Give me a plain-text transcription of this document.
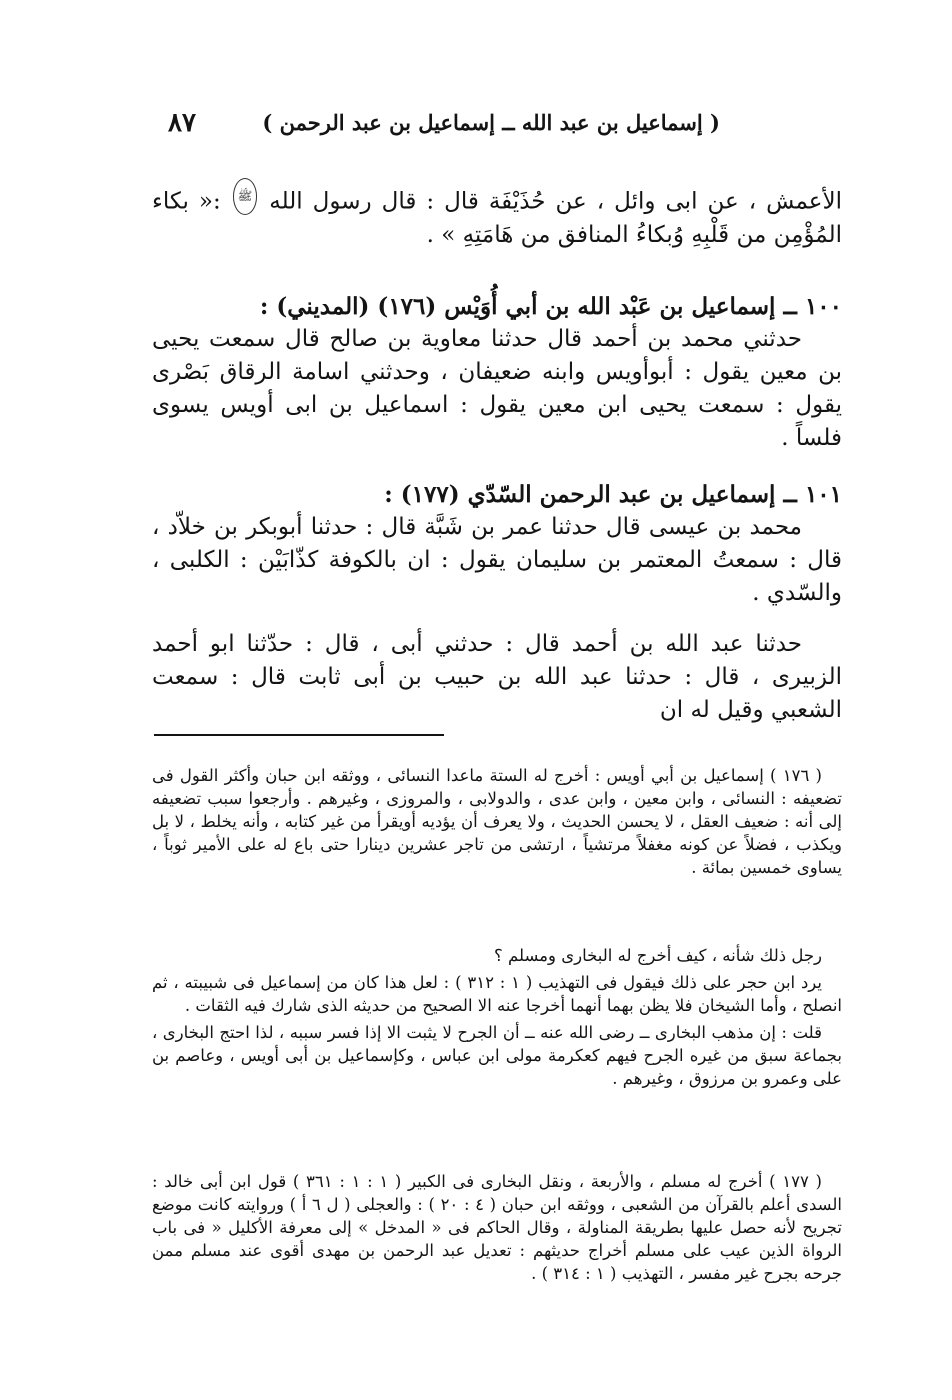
٨٧	( إسماعيل بن عبد الله ــ إسماعيل بن عبد الرحمن )

الأعمش ، عن ابى وائل ، عن حُذَيْفَة قال : قال رسول الله ﷺ :« بكاء المُؤْمِن من قَلْبِهِ وُبكاءُ المنافق من هَامَتِهِ » .

١٠٠ ــ إسماعيل بن عَبْد الله بن أبي أُوَيْس (١٧٦) (المديني) :

حدثني محمد بن أحمد قال حدثنا معاوية بن صالح قال سمعت يحيى بن معين يقول : أبوأويس وابنه ضعيفان ، وحدثني اسامة الرقاق بَصْرى يقول : سمعت يحيى ابن معين يقول : اسماعيل بن ابى أويس يسوى فلساً .

١٠١ ــ إسماعيل بن عبد الرحمن السّدّي (١٧٧) :

محمد بن عيسى قال حدثنا عمر بن شَبَّة قال : حدثنا أبوبكر بن خلاّد ، قال : سمعتُ المعتمر بن سليمان يقول : ان بالكوفة كذّابَيْن : الكلبى ، والسّدي .

حدثنا عبد الله بن أحمد قال : حدثني أبى ، قال : حدّثنا ابو أحمد الزبيرى ، قال : حدثنا عبد الله بن حبيب بن أبى ثابت قال : سمعت الشعبي وقيل له ان

( ١٧٦ ) إسماعيل بن أبي أويس : أخرج له الستة ماعدا النسائى ، ووثقه ابن حبان وأكثر القول فى تضعيفه : النسائى ، وابن معين ، وابن عدى ، والدولابى ، والمروزى ، وغيرهم . وأرجعوا سبب تضعيفه إلى أنه : ضعيف العقل ، لا يحسن الحديث ، ولا يعرف أن يؤديه أويقرأ من غير كتابه ، وأنه يخلط ، لا بل ويكذب ، فضلاً عن كونه مغفلاً مرتشياً ، ارتشى من تاجر عشرين دينارا حتى باع له على الأمير ثوباً ، يساوى خمسين بمائة .

رجل ذلك شأنه ، كيف أخرج له البخارى ومسلم ؟

يرد ابن حجر على ذلك فيقول فى التهذيب ( ١ : ٣١٢ ) : لعل هذا كان من إسماعيل فى شبيبته ، ثم انصلح ، وأما الشيخان فلا يظن بهما أنهما أخرجا عنه الا الصحيح من حديثه الذى شارك فيه الثقات .

قلت : إن مذهب البخارى ــ رضى الله عنه ــ أن الجرح لا يثبت الا إذا فسر سببه ، لذا احتج البخارى ، بجماعة سبق من غيره الجرح فيهم كعكرمة مولى ابن عباس ، وكإسماعيل بن أبى أويس ، وعاصم بن على وعمرو بن مرزوق ، وغيرهم .

( ١٧٧ ) أخرج له مسلم ، والأربعة ، ونقل البخارى فى الكبير ( ١ : ١ : ٣٦١ ) قول ابن أبى خالد : السدى أعلم بالقرآن من الشعبى ، ووثقه ابن حبان ( ٤ : ٢٠ ) : والعجلى ( ل ٦ أ ) وروايته كانت موضع تجريح لأنه حصل عليها بطريقة المناولة ، وقال الحاكم فى « المدخل » إلى معرفة الأكليل « فى باب الرواة الذين عيب على مسلم أخراج حديثهم : تعديل عبد الرحمن بن مهدى أقوى عند مسلم ممن جرحه بجرح غير مفسر ، التهذيب ( ١ : ٣١٤ ) .
